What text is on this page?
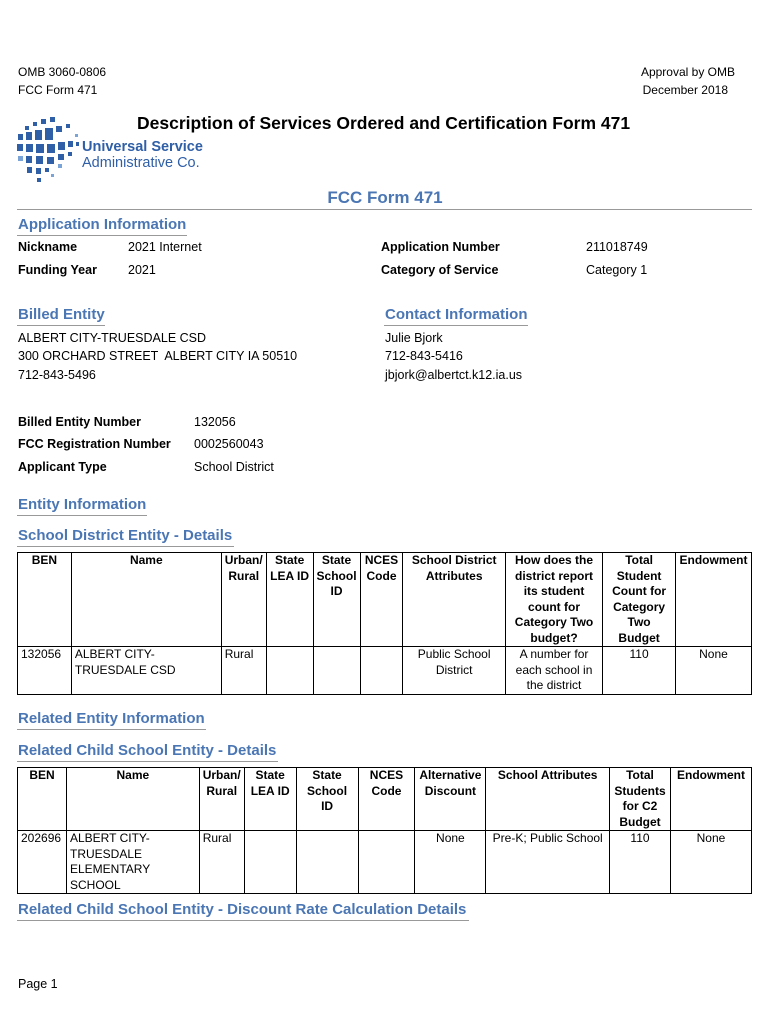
OMB 3060-0806
FCC Form 471
Approval by OMB
December 2018
Universal Service
Administrative Co.
Description of Services Ordered and Certification Form 471
FCC Form 471
Application Information
Nickname	2021 Internet
Funding Year 2021
Application Number	211018749
Category of Service	Category 1
Billed Entity
ALBERT CITY-TRUESDALE CSD
300 ORCHARD STREET  ALBERT CITY IA 50510
712-843-5496
Contact Information
Julie Bjork
712-843-5416
jbjork@albertct.k12.ia.us
Billed Entity Number	132056
FCC Registration Number 0002560043
Applicant Type	School District
Entity Information
School District Entity - Details
BEN	Name	Urban/ Rural	State LEA ID	State School ID	NCES Code	School District Attributes	How does the district report its student count for Category Two budget?	Total Student Count for Category Two Budget	Endowment
132056	ALBERT CITY-TRUESDALE CSD	Rural				Public School District	A number for each school in the district	110	None
Related Entity Information
Related Child School Entity - Details
BEN	Name	Urban/ Rural	State LEA ID	State School ID	NCES Code	Alternative Discount	School Attributes	Total Students for C2 Budget	Endowment
202696	ALBERT CITY-TRUESDALE ELEMENTARY SCHOOL	Rural				None	Pre-K; Public School	110	None
Related Child School Entity - Discount Rate Calculation Details
Page 1
